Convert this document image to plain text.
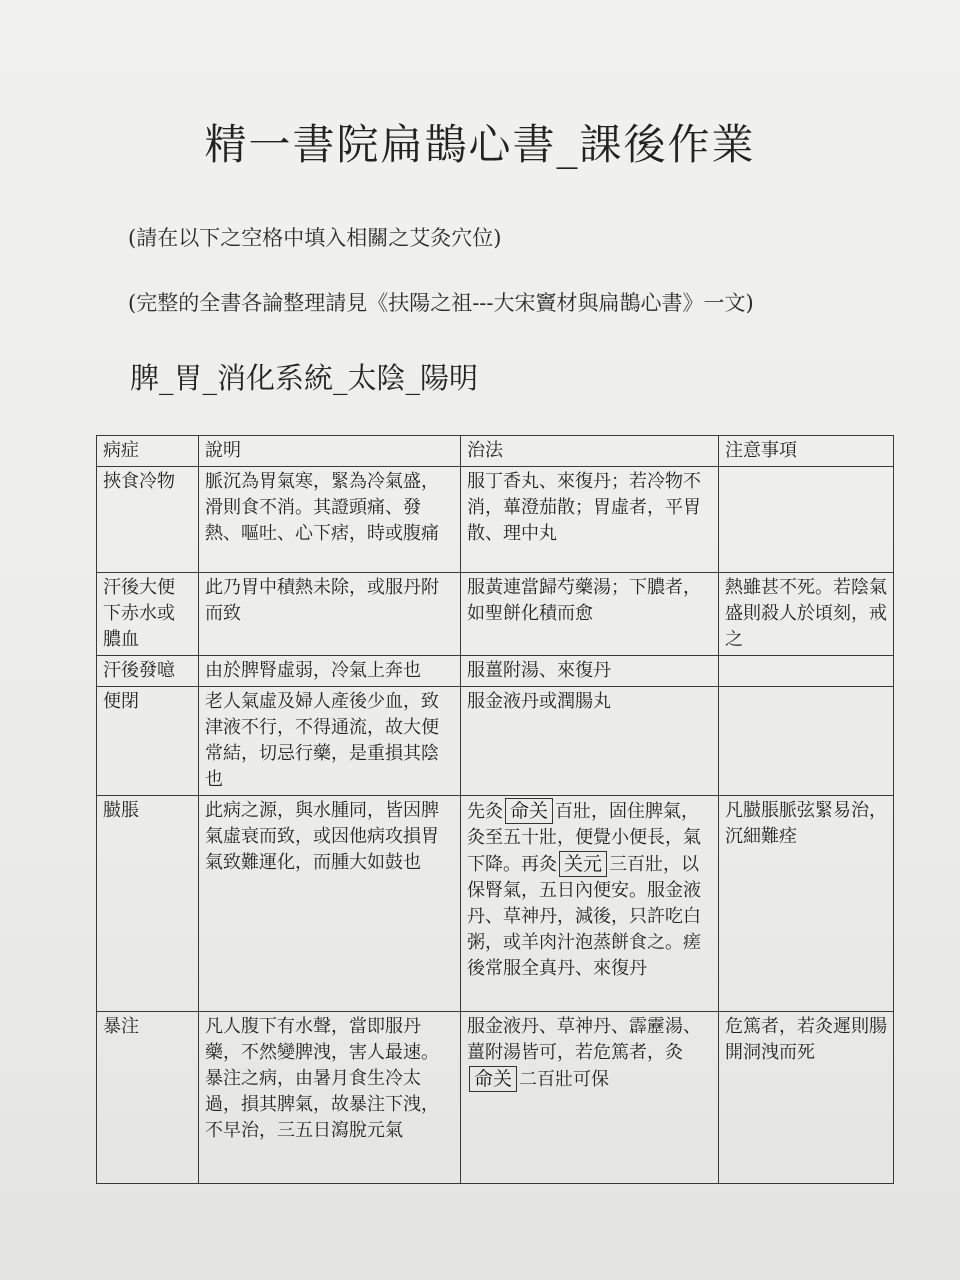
精一書院扁鵲心書_課後作業
(請在以下之空格中填入相關之艾灸穴位)
(完整的全書各論整理請見《扶陽之祖---大宋竇材與扁鵲心書》一文)
脾_胃_消化系統_太陰_陽明
病症	說明	治法	注意事項
挾食冷物	脈沉為胃氣寒，緊為冷氣盛，滑則食不消。其證頭痛、發熱、嘔吐、心下痞，時或腹痛	服丁香丸、來復丹；若冷物不消，蓽澄茄散；胃虛者，平胃散、理中丸	
汗後大便下赤水或膿血	此乃胃中積熱未除，或服丹附而致	服黃連當歸芍藥湯；下膿者，如聖餅化積而愈	熱雖甚不死。若陰氣盛則殺人於頃刻，戒之
汗後發噫	由於脾腎虛弱，冷氣上奔也	服薑附湯、來復丹	
便閉	老人氣虛及婦人產後少血，致津液不行，不得通流，故大便常結，切忌行藥，是重損其陰也	服金液丹或潤腸丸	
臌脹	此病之源，與水腫同，皆因脾氣虛衰而致，或因他病攻損胃氣致難運化，而腫大如鼓也	先灸 命关 百壯，固住脾氣，灸至五十壯，便覺小便長，氣下降。再灸 关元 三百壯，以保腎氣，五日內便安。服金液丹、草神丹，減後，只許吃白粥，或羊肉汁泡蒸餅食之。瘥後常服全真丹、來復丹	凡臌脹脈弦緊易治，沉細難痊
暴注	凡人腹下有水聲，當即服丹藥，不然變脾洩，害人最速。暴注之病，由暑月食生冷太過，損其脾氣，故暴注下洩，不早治，三五日瀉脫元氣	服金液丹、草神丹、霹靂湯、薑附湯皆可，若危篤者，灸命关 二百壯可保	危篤者，若灸遲則腸開洞洩而死
